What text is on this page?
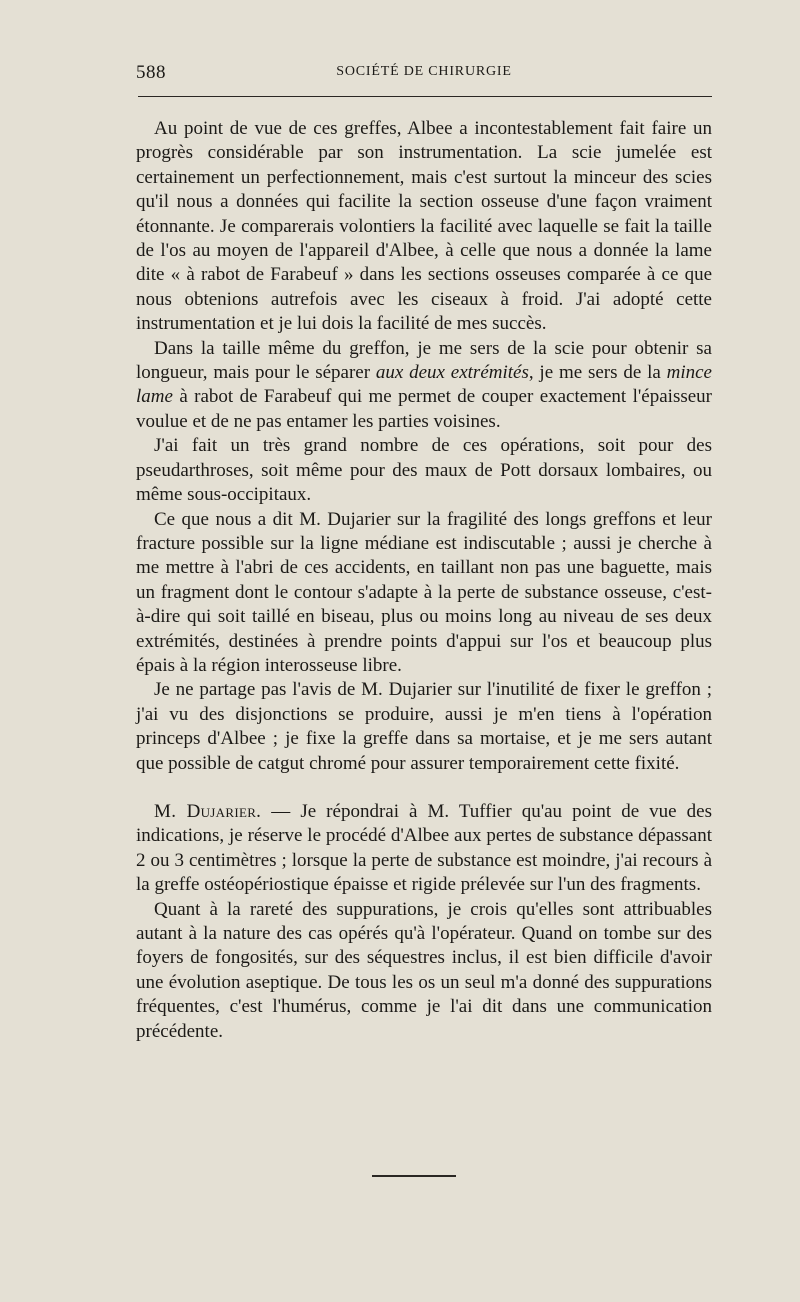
588	SOCIÉTÉ DE CHIRURGIE

Au point de vue de ces greffes, Albee a incontestablement fait faire un progrès considérable par son instrumentation. La scie jumelée est certainement un perfectionnement, mais c'est surtout la minceur des scies qu'il nous a données qui facilite la section osseuse d'une façon vraiment étonnante. Je comparerais volontiers la facilité avec laquelle se fait la taille de l'os au moyen de l'appareil d'Albee, à celle que nous a donnée la lame dite « à rabot de Farabeuf » dans les sections osseuses comparée à ce que nous obtenions autrefois avec les ciseaux à froid. J'ai adopté cette instrumentation et je lui dois la facilité de mes succès.

Dans la taille même du greffon, je me sers de la scie pour obtenir sa longueur, mais pour le séparer aux deux extrémités, je me sers de la mince lame à rabot de Farabeuf qui me permet de couper exactement l'épaisseur voulue et de ne pas entamer les parties voisines.

J'ai fait un très grand nombre de ces opérations, soit pour des pseudarthroses, soit même pour des maux de Pott dorsaux lombaires, ou même sous-occipitaux.

Ce que nous a dit M. Dujarier sur la fragilité des longs greffons et leur fracture possible sur la ligne médiane est indiscutable ; aussi je cherche à me mettre à l'abri de ces accidents, en taillant non pas une baguette, mais un fragment dont le contour s'adapte à la perte de substance osseuse, c'est-à-dire qui soit taillé en biseau, plus ou moins long au niveau de ses deux extrémités, destinées à prendre points d'appui sur l'os et beaucoup plus épais à la région interosseuse libre.

Je ne partage pas l'avis de M. Dujarier sur l'inutilité de fixer le greffon ; j'ai vu des disjonctions se produire, aussi je m'en tiens à l'opération princeps d'Albee ; je fixe la greffe dans sa mortaise, et je me sers autant que possible de catgut chromé pour assurer temporairement cette fixité.

M. Dujarier. — Je répondrai à M. Tuffier qu'au point de vue des indications, je réserve le procédé d'Albee aux pertes de substance dépassant 2 ou 3 centimètres ; lorsque la perte de substance est moindre, j'ai recours à la greffe ostéopériostique épaisse et rigide prélevée sur l'un des fragments.

Quant à la rareté des suppurations, je crois qu'elles sont attribuables autant à la nature des cas opérés qu'à l'opérateur. Quand on tombe sur des foyers de fongosités, sur des séquestres inclus, il est bien difficile d'avoir une évolution aseptique. De tous les os un seul m'a donné des suppurations fréquentes, c'est l'humérus, comme je l'ai dit dans une communication précédente.
